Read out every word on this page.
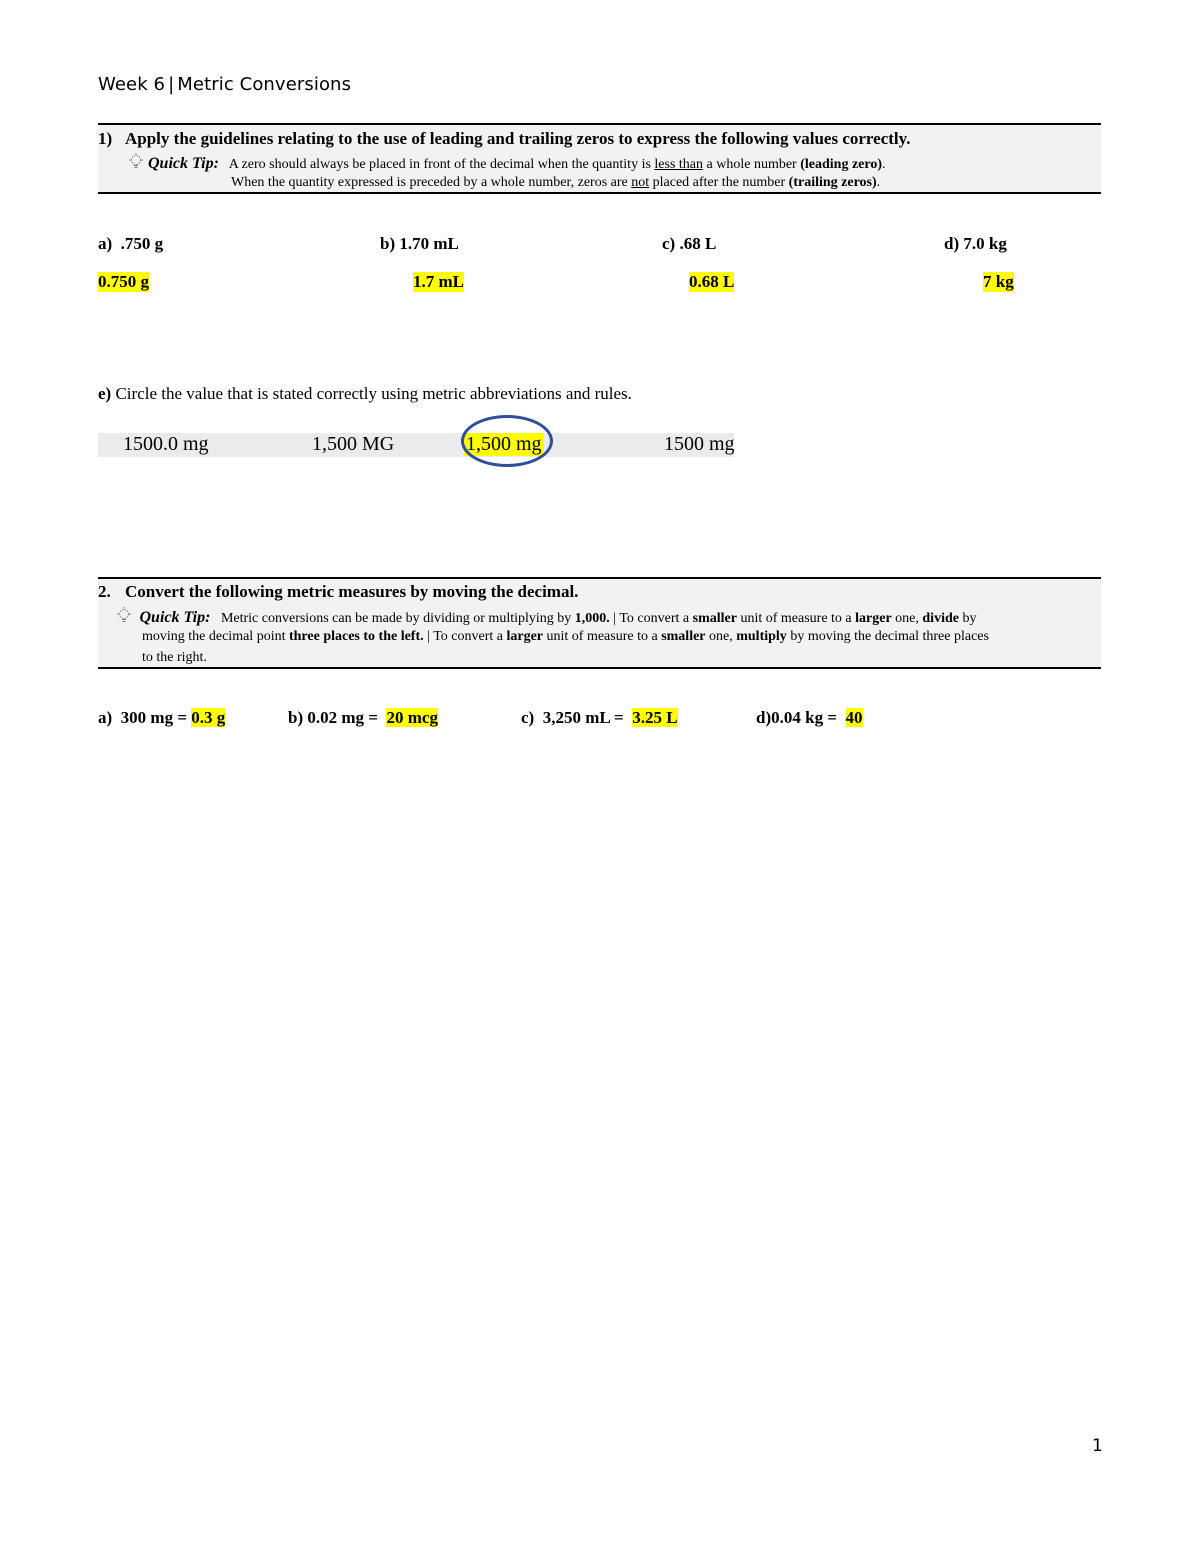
Week 6 | Metric Conversions
1) Apply the guidelines relating to the use of leading and trailing zeros to express the following values correctly.
Quick Tip: A zero should always be placed in front of the decimal when the quantity is less than a whole number (leading zero).
When the quantity expressed is preceded by a whole number, zeros are not placed after the number (trailing zeros).
a) .750 g	b) 1.70 mL	c) .68 L	d) 7.0 kg
0.750 g	1.7 mL	0.68 L	7 kg
e) Circle the value that is stated correctly using metric abbreviations and rules.
1500.0 mg	1,500 MG	1,500 mg	1500 mg
2. Convert the following metric measures by moving the decimal.
Quick Tip: Metric conversions can be made by dividing or multiplying by 1,000. | To convert a smaller unit of measure to a larger one, divide by
moving the decimal point three places to the left. | To convert a larger unit of measure to a smaller one, multiply by moving the decimal three places
to the right.
a) 300 mg = 0.3 g	b) 0.02 mg = 20 mcg	c) 3,250 mL = 3.25 L	d)0.04 kg = 40
1
